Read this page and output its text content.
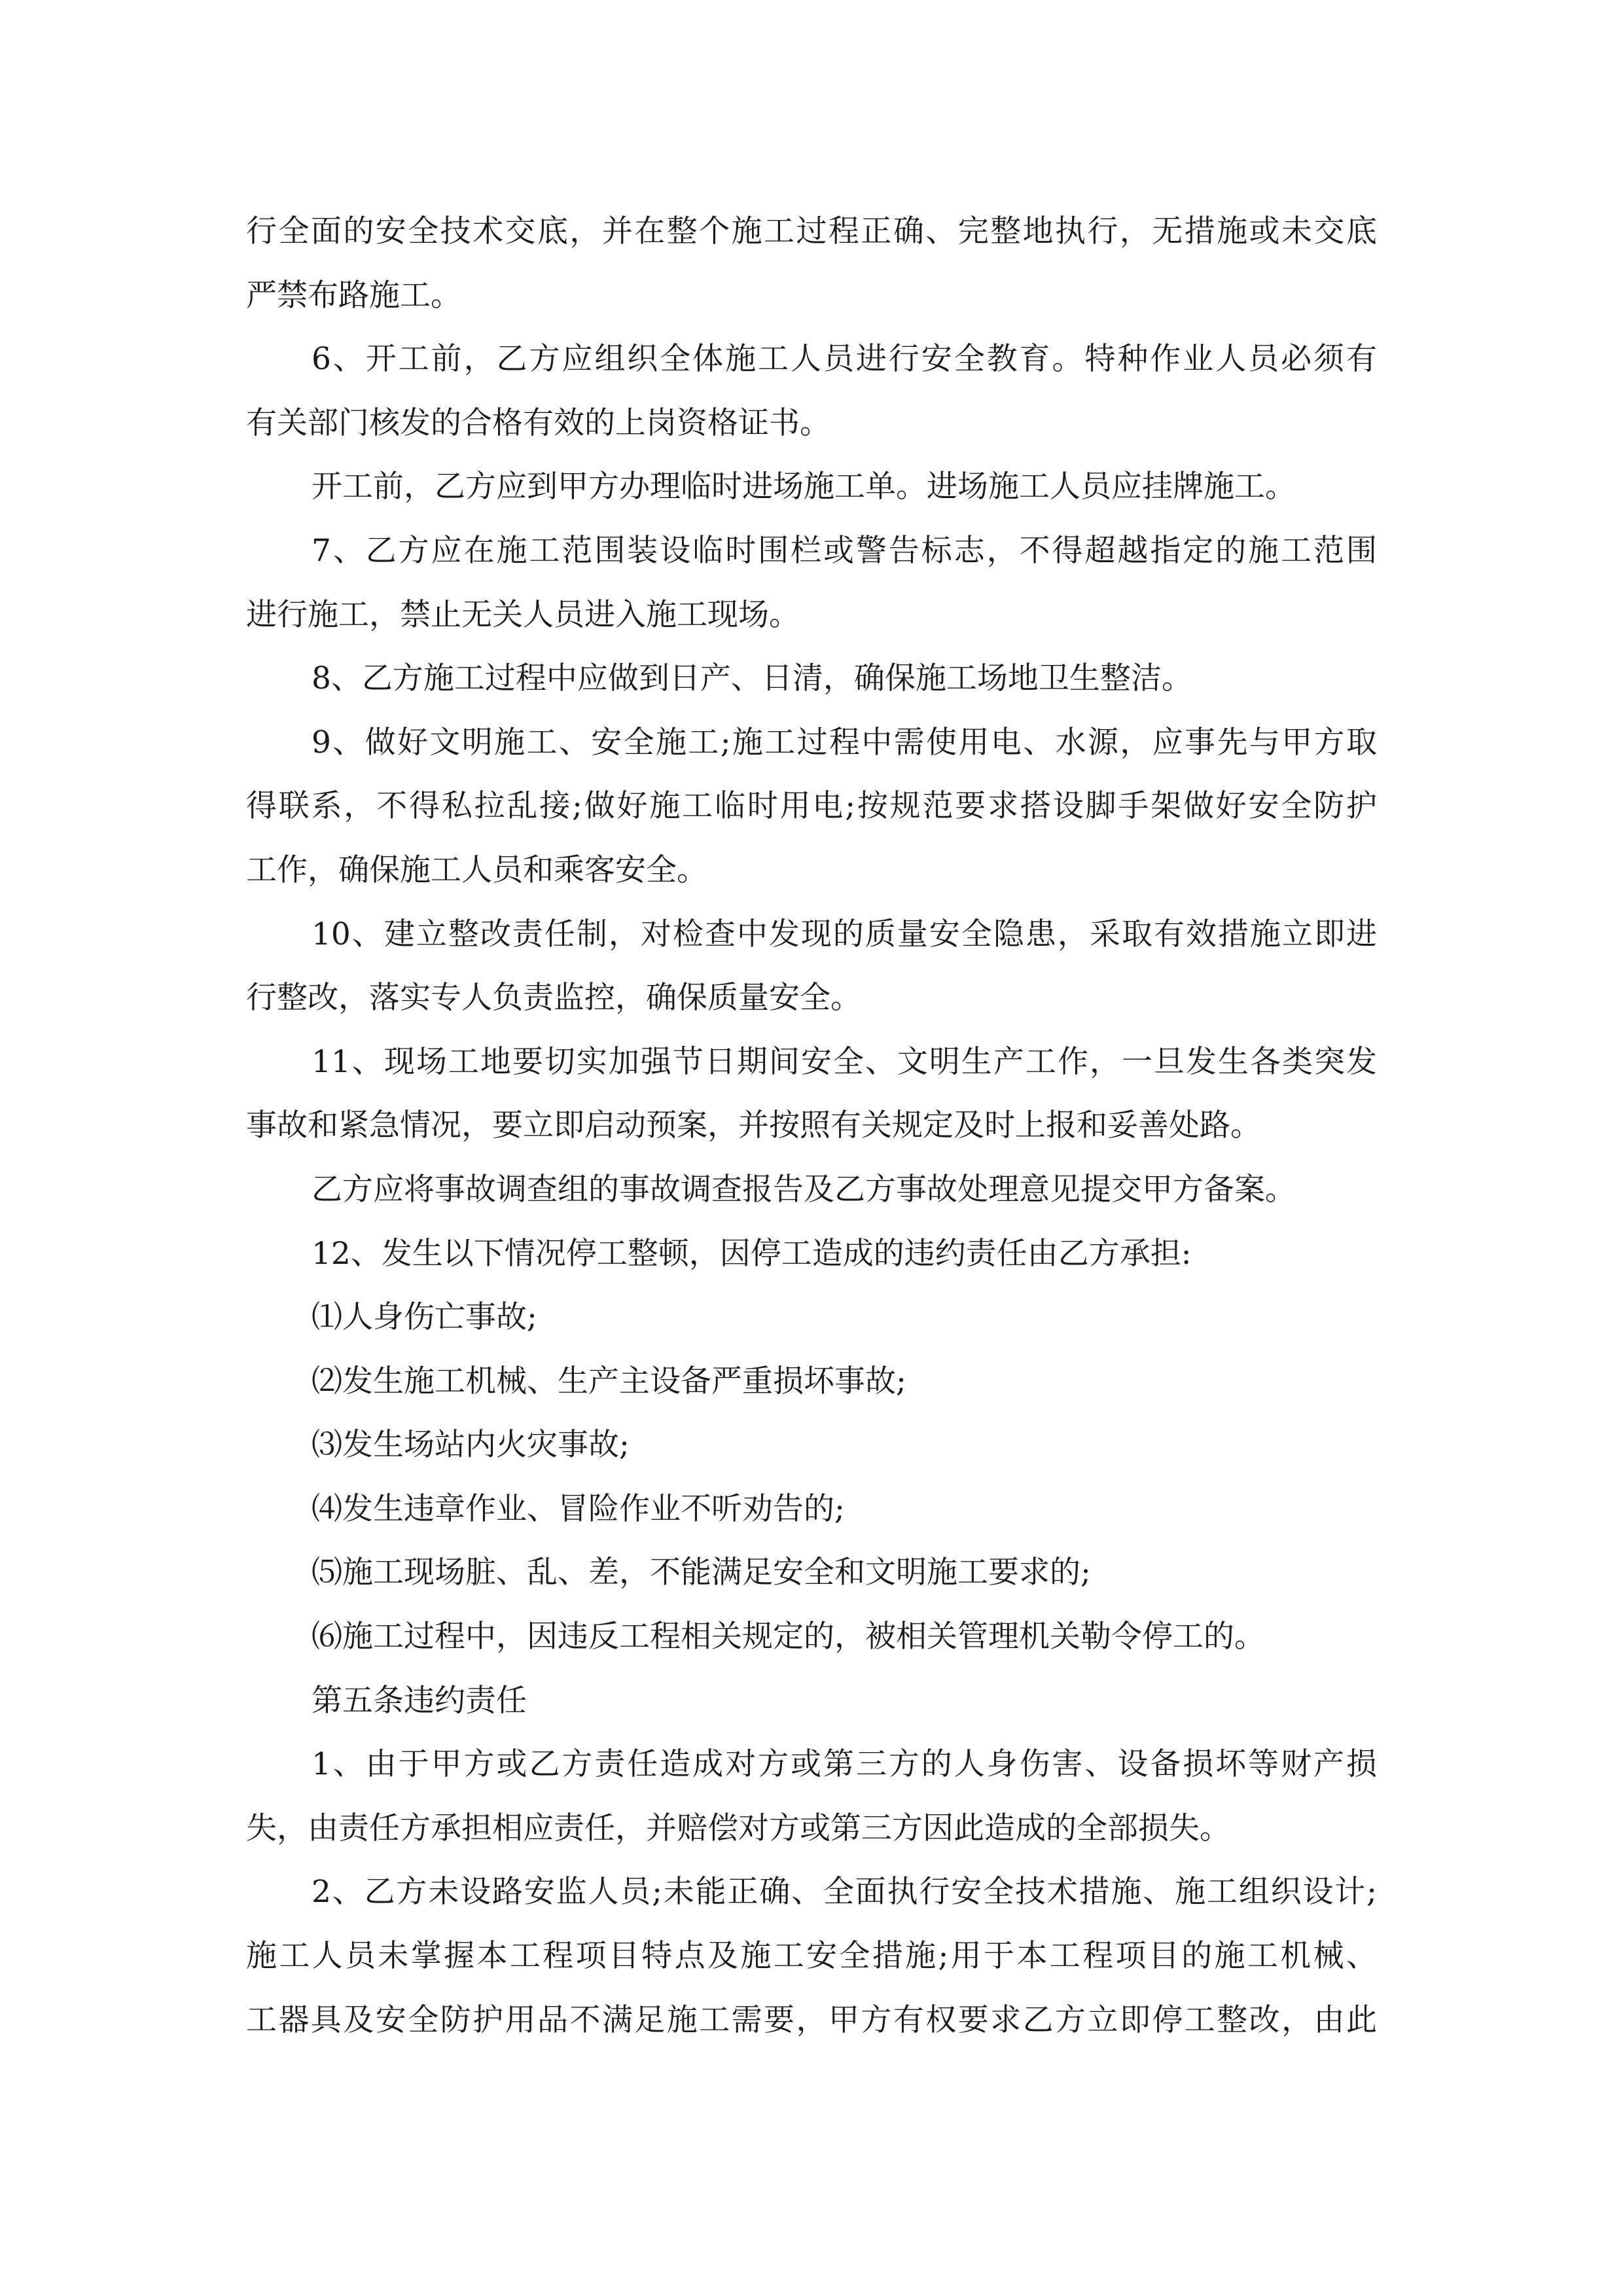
行全面的安全技术交底，并在整个施工过程正确、完整地执行，无措施或未交底
严禁布路施工。
6、开工前，乙方应组织全体施工人员进行安全教育。特种作业人员必须有
有关部门核发的合格有效的上岗资格证书。
开工前，乙方应到甲方办理临时进场施工单。进场施工人员应挂牌施工。
7、乙方应在施工范围装设临时围栏或警告标志，不得超越指定的施工范围
进行施工，禁止无关人员进入施工现场。
8、乙方施工过程中应做到日产、日清，确保施工场地卫生整洁。
9、做好文明施工、安全施工;施工过程中需使用电、水源，应事先与甲方取
得联系，不得私拉乱接;做好施工临时用电;按规范要求搭设脚手架做好安全防护
工作，确保施工人员和乘客安全。
10、建立整改责任制，对检查中发现的质量安全隐患，采取有效措施立即进
行整改，落实专人负责监控，确保质量安全。
11、现场工地要切实加强节日期间安全、文明生产工作，一旦发生各类突发
事故和紧急情况，要立即启动预案，并按照有关规定及时上报和妥善处路。
乙方应将事故调查组的事故调查报告及乙方事故处理意见提交甲方备案。
12、发生以下情况停工整顿，因停工造成的违约责任由乙方承担:
⑴人身伤亡事故;
⑵发生施工机械、生产主设备严重损坏事故;
⑶发生场站内火灾事故;
⑷发生违章作业、冒险作业不听劝告的;
⑸施工现场脏、乱、差，不能满足安全和文明施工要求的;
⑹施工过程中，因违反工程相关规定的，被相关管理机关勒令停工的。
第五条违约责任
1、由于甲方或乙方责任造成对方或第三方的人身伤害、设备损坏等财产损
失，由责任方承担相应责任，并赔偿对方或第三方因此造成的全部损失。
2、乙方未设路安监人员;未能正确、全面执行安全技术措施、施工组织设计;
施工人员未掌握本工程项目特点及施工安全措施;用于本工程项目的施工机械、
工器具及安全防护用品不满足施工需要，甲方有权要求乙方立即停工整改，由此
